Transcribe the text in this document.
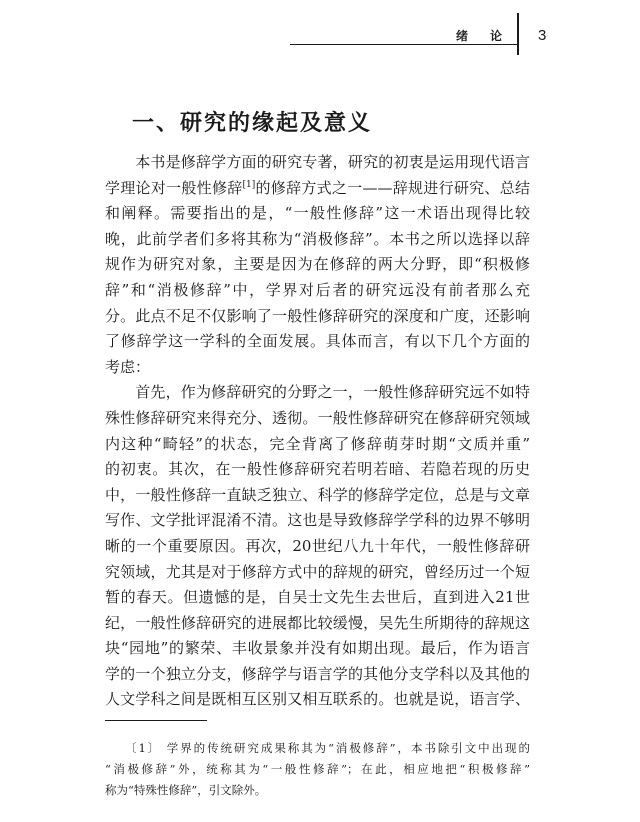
绪论 3
一、研究的缘起及意义
本书是修辞学方面的研究专著，研究的初衷是运用现代语言
学理论对一般性修辞[1]的修辞方式之一——辞规进行研究、总结
和阐释。需要指出的是，“一般性修辞”这一术语出现得比较
晚，此前学者们多将其称为“消极修辞”。本书之所以选择以辞
规作为研究对象，主要是因为在修辞的两大分野，即“积极修
辞”和“消极修辞”中，学界对后者的研究远没有前者那么充
分。此点不足不仅影响了一般性修辞研究的深度和广度，还影响
了修辞学这一学科的全面发展。具体而言，有以下几个方面的
考虑：
首先，作为修辞研究的分野之一，一般性修辞研究远不如特
殊性修辞研究来得充分、透彻。一般性修辞研究在修辞研究领域
内这种“畸轻”的状态，完全背离了修辞萌芽时期“文质并重”
的初衷。其次，在一般性修辞研究若明若暗、若隐若现的历史
中，一般性修辞一直缺乏独立、科学的修辞学定位，总是与文章
写作、文学批评混淆不清。这也是导致修辞学学科的边界不够明
晰的一个重要原因。再次，20世纪八九十年代，一般性修辞研
究领域，尤其是对于修辞方式中的辞规的研究，曾经历过一个短
暂的春天。但遗憾的是，自吴士文先生去世后，直到进入21世
纪，一般性修辞研究的进展都比较缓慢，吴先生所期待的辞规这
块“园地”的繁荣、丰收景象并没有如期出现。最后，作为语言
学的一个独立分支，修辞学与语言学的其他分支学科以及其他的
人文学科之间是既相互区别又相互联系的。也就是说，语言学、
〔1〕 学界的传统研究成果称其为“消极修辞”，本书除引文中出现的
“消极修辞”外，统称其为“一般性修辞”；在此，相应地把“积极修辞”
称为“特殊性修辞”，引文除外。
